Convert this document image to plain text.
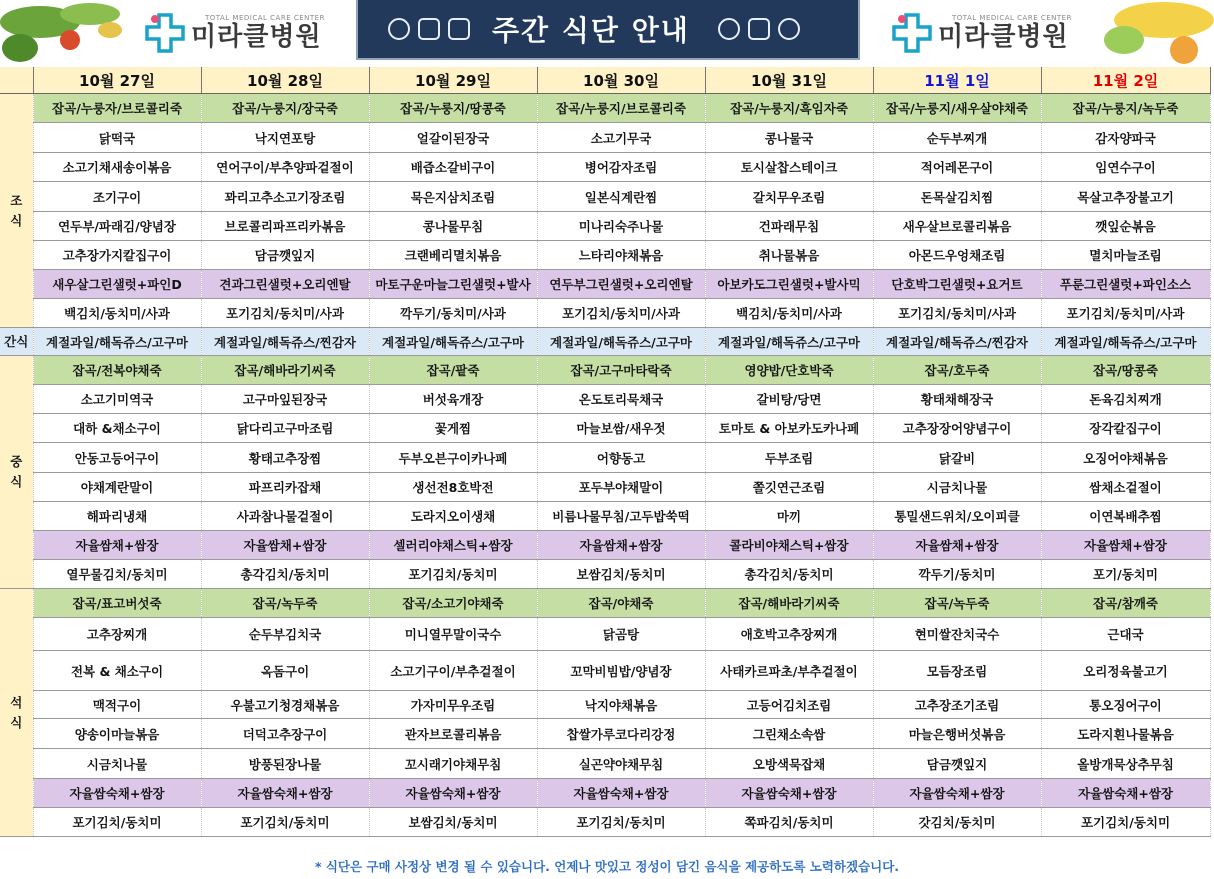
TOTAL MEDICAL CARE CENTER
미라클병원	주간 식단 안내	TOTAL MEDICAL CARE CENTER
미라클병원
	10월 27일	10월 28일	10월 29일	10월 30일	10월 31일	11월 1일	11월 2일

조
식	잡곡/누룽자/브로콜리죽	잡곡/누룽지/장국죽	잡곡/누룽지/땅콩죽	잡곡/누룽지/브로콜리죽	잡곡/누룽지/흑임자죽	잡곡/누룽지/새우살야채죽	잡곡/누룽지/녹두죽
	닭떡국	낙지연포탕	얼갈이된장국	소고기무국	콩나물국	순두부찌개	감자양파국
	소고기채새송이볶음	연어구이/부추양파겉절이	배즙소갈비구이	병어감자조림	토시살찹스테이크	적어레몬구이	임연수구이
	조기구이	꽈리고추소고기장조림	묵은지삼치조림	일본식계란찜	갈치무우조림	돈목살김치찜	목살고추장불고기
	연두부/파래김/양념장	브로콜리파프리카볶음	콩나물무침	미나리숙주나물	건파래무침	새우살브로콜리볶음	깻잎순볶음
	고추장가지칼집구이	담금깻잎지	크랜베리멸치볶음	느타리야채볶음	취나물볶음	아몬드우엉채조림	멸치마늘조림
	새우살그린샐럿+파인D	견과그린샐럿+오리엔탈	마토구운마늘그린샐럿+발사	연두부그린샐럿+오리엔탈	아보카도그린샐럿+발사믹	단호박그린샐럿+요거트	푸룬그린샐럿+파인소스
	백김치/동치미/사과	포기김치/동치미/사과	깍두기/동치미/사과	포기김치/동치미/사과	백김치/동치미/사과	포기김치/동치미/사과	포기김치/동치미/사과
간식	계절과일/해독쥬스/고구마	계절과일/해독쥬스/찐감자	계절과일/해독쥬스/고구마	계절과일/해독쥬스/고구마	계절과일/해독쥬스/고구마	계절과일/해독쥬스/찐감자	계절과일/해독쥬스/고구마

중
식	잡곡/전복야채죽	잡곡/해바라기씨죽	잡곡/팥죽	잡곡/고구마타락죽	영양밥/단호박죽	잡곡/호두죽	잡곡/땅콩죽
	소고기미역국	고구마잎된장국	버섯육개장	온도토리묵채국	갈비탕/당면	황태채해장국	돈육김치찌개
	대하 &채소구이	닭다리고구마조림	꽃게찜	마늘보쌈/새우젓	토마토 & 아보카도카나페	고추장장어양념구이	장각칼집구이
	안동고등어구이	황태고추장찜	두부오븐구이카나페	어향동고	두부조림	닭갈비	오징어야채볶음
	야채계란말이	파프리카잡채	생선전8호박전	포두부야채말이	쫄깃연근조림	시금치나물	쌈채소겉절이
	해파리냉채	사과참나물겉절이	도라지오이생채	비름나물무침/고두밥쑥떡	마끼	통밀샌드위치/오이피클	이연복배추찜
	자율쌈채+쌈장	자율쌈채+쌈장	셀러리야채스틱+쌈장	자율쌈채+쌈장	콜라비야채스틱+쌈장	자율쌈채+쌈장	자율쌈채+쌈장
	열무물김치/동치미	총각김치/동치미	포기김치/동치미	보쌈김치/동치미	총각김치/동치미	깍두기/동치미	포기/동치미

석
식	잡곡/표고버섯죽	잡곡/녹두죽	잡곡/소고기야채죽	잡곡/야채죽	잡곡/해바라기씨죽	잡곡/녹두죽	잡곡/참깨죽
	고추장찌개	순두부김치국	미니열무말이국수	닭곰탕	애호박고추장찌개	현미쌀잔치국수	근대국
	전복 & 채소구이	옥돔구이	소고기구이/부추겉절이	꼬막비빔밥/양념장	사태카르파초/부추겉절이	모듬장조림	오리정육불고기
	맥적구이	우불고기청경채볶음	가자미무우조림	낙지야채볶음	고등어김치조림	고추장조기조림	통오징어구이
	양송이마늘볶음	더덕고추장구이	관자브로콜리볶음	찹쌀가루코다리강정	그린채소속쌈	마늘은행버섯볶음	도라지흰나물볶음
	시금치나물	방풍된장나물	꼬시래기야채무침	실곤약야채무침	오방색묵잡채	담금깻잎지	올방개묵상추무침
	자율쌈숙채+쌈장	자율쌈숙채+쌈장	자율쌈숙채+쌈장	자율쌈숙채+쌈장	자율쌈숙채+쌈장	자율쌈숙채+쌈장	자율쌈숙채+쌈장
	포기김치/동치미	포기김치/동치미	보쌈김치/동치미	포기김치/동치미	쪽파김치/동치미	갓김치/동치미	포기김치/동치미
* 식단은 구매 사정상 변경 될 수 있습니다. 언제나 맛있고 정성이 담긴 음식을 제공하도록 노력하겠습니다.
